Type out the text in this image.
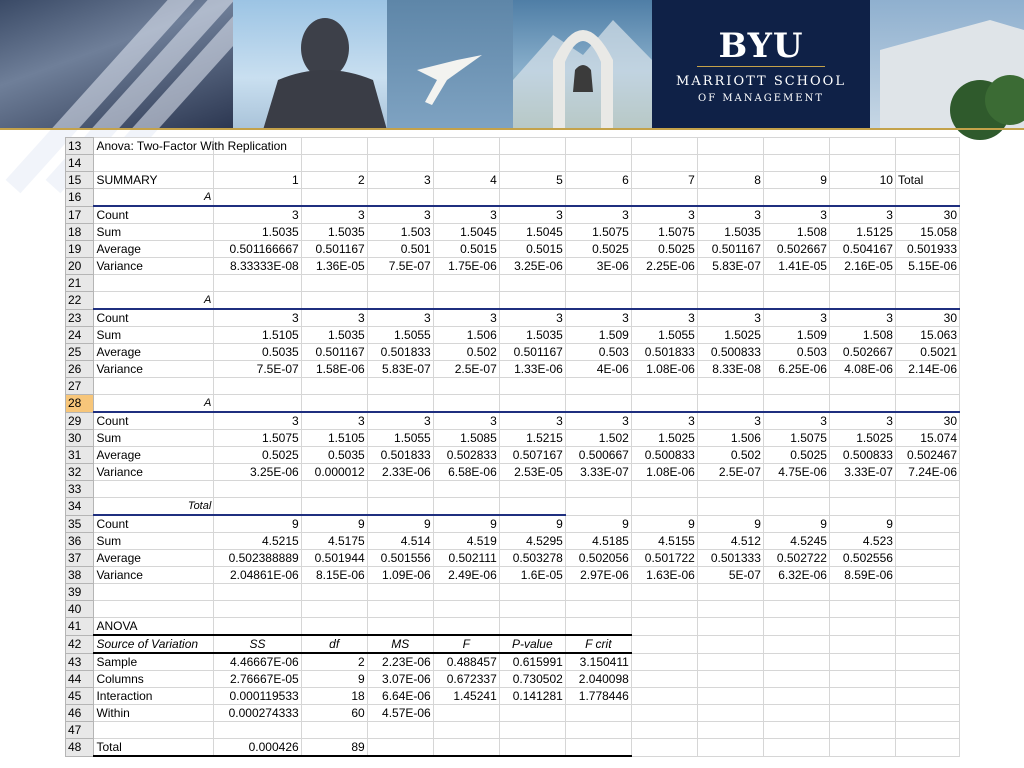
BYU
MARRIOTT SCHOOL
OF MANAGEMENT
13	Anova: Two-Factor With Replication											
14												
15	SUMMARY	1	2	3	4	5	6	7	8	9	10	Total
16	A											
17	Count	3	3	3	3	3	3	3	3	3	3	30
18	Sum	1.5035	1.5035	1.503	1.5045	1.5045	1.5075	1.5075	1.5035	1.508	1.5125	15.058
19	Average	0.501166667	0.501167	0.501	0.5015	0.5015	0.5025	0.5025	0.501167	0.502667	0.504167	0.501933
20	Variance	8.33333E-08	1.36E-05	7.5E-07	1.75E-06	3.25E-06	3E-06	2.25E-06	5.83E-07	1.41E-05	2.16E-05	5.15E-06
21												
22	A											
23	Count	3	3	3	3	3	3	3	3	3	3	30
24	Sum	1.5105	1.5035	1.5055	1.506	1.5035	1.509	1.5055	1.5025	1.509	1.508	15.063
25	Average	0.5035	0.501167	0.501833	0.502	0.501167	0.503	0.501833	0.500833	0.503	0.502667	0.5021
26	Variance	7.5E-07	1.58E-06	5.83E-07	2.5E-07	1.33E-06	4E-06	1.08E-06	8.33E-08	6.25E-06	4.08E-06	2.14E-06
27												
28	A											
29	Count	3	3	3	3	3	3	3	3	3	3	30
30	Sum	1.5075	1.5105	1.5055	1.5085	1.5215	1.502	1.5025	1.506	1.5075	1.5025	15.074
31	Average	0.5025	0.5035	0.501833	0.502833	0.507167	0.500667	0.500833	0.502	0.5025	0.500833	0.502467
32	Variance	3.25E-06	0.000012	2.33E-06	6.58E-06	2.53E-05	3.33E-07	1.08E-06	2.5E-07	4.75E-06	3.33E-07	7.24E-06
33												
34	Total											
35	Count	9	9	9	9	9	9	9	9	9	9	
36	Sum	4.5215	4.5175	4.514	4.519	4.5295	4.5185	4.5155	4.512	4.5245	4.523	
37	Average	0.502388889	0.501944	0.501556	0.502111	0.503278	0.502056	0.501722	0.501333	0.502722	0.502556	
38	Variance	2.04861E-06	8.15E-06	1.09E-06	2.49E-06	1.6E-05	2.97E-06	1.63E-06	5E-07	6.32E-06	8.59E-06	
39												
40												
41	ANOVA											
42	Source of Variation	SS	df	MS	F	P-value	F crit					
43	Sample	4.46667E-06	2	2.23E-06	0.488457	0.615991	3.150411					
44	Columns	2.76667E-05	9	3.07E-06	0.672337	0.730502	2.040098					
45	Interaction	0.000119533	18	6.64E-06	1.45241	0.141281	1.778446					
46	Within	0.000274333	60	4.57E-06								
47												
48	Total	0.000426	89									
